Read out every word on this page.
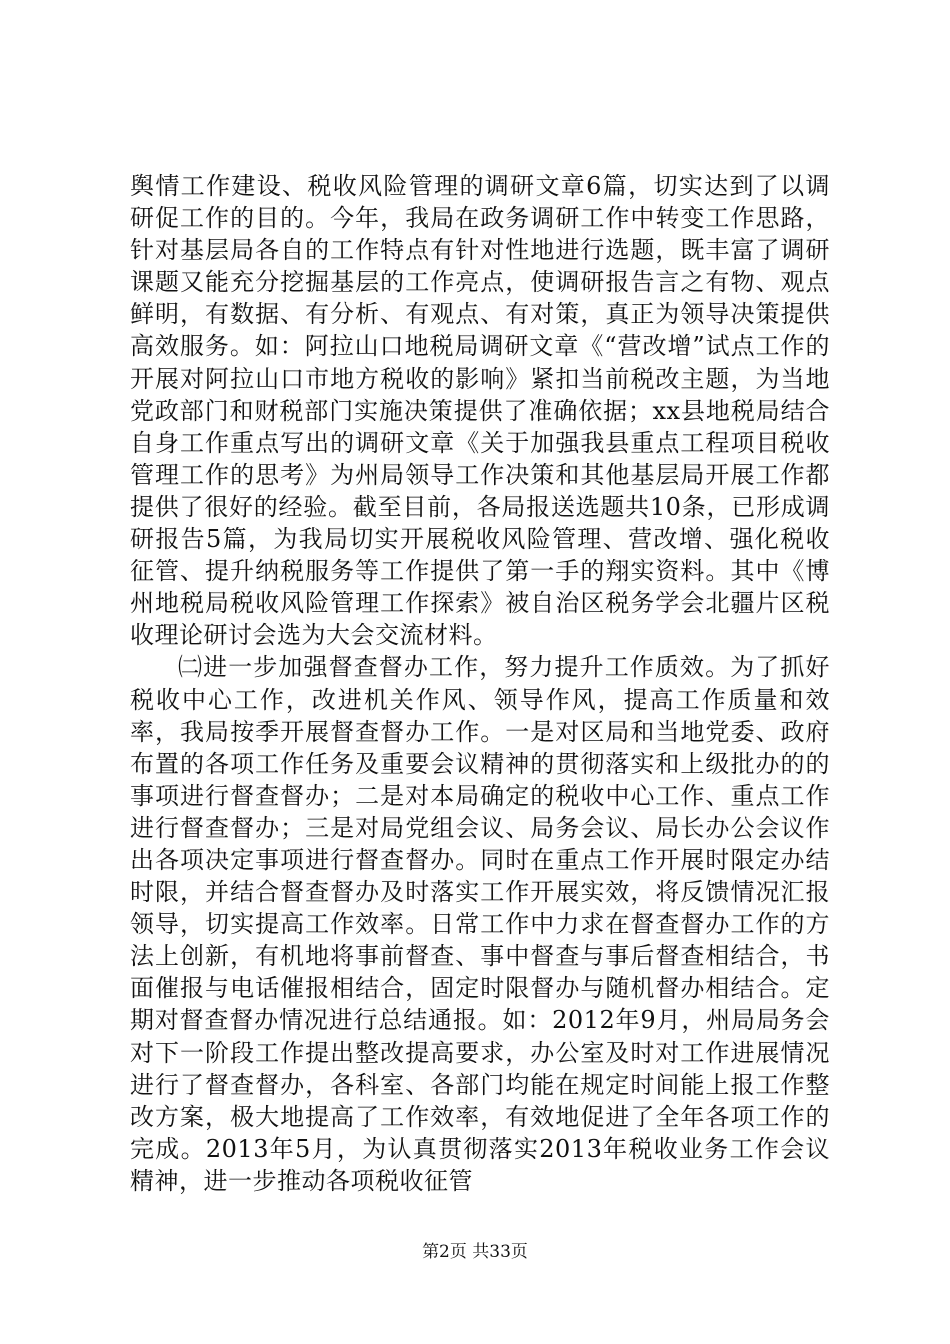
舆情工作建设、税收风险管理的调研文章6篇，切实达到了以调研促工作的目的。今年，我局在政务调研工作中转变工作思路，针对基层局各自的工作特点有针对性地进行选题，既丰富了调研课题又能充分挖掘基层的工作亮点，使调研报告言之有物、观点鲜明，有数据、有分析、有观点、有对策，真正为领导决策提供高效服务。如：阿拉山口地税局调研文章《“营改增”试点工作的开展对阿拉山口市地方税收的影响》紧扣当前税改主题，为当地党政部门和财税部门实施决策提供了准确依据；xx县地税局结合自身工作重点写出的调研文章《关于加强我县重点工程项目税收管理工作的思考》为州局领导工作决策和其他基层局开展工作都提供了很好的经验。截至目前，各局报送选题共10条，已形成调研报告5篇，为我局切实开展税收风险管理、营改增、强化税收征管、提升纳税服务等工作提供了第一手的翔实资料。其中《博州地税局税收风险管理工作探索》被自治区税务学会北疆片区税收理论研讨会选为大会交流材料。

㈡进一步加强督查督办工作，努力提升工作质效。为了抓好税收中心工作，改进机关作风、领导作风，提高工作质量和效率，我局按季开展督查督办工作。一是对区局和当地党委、政府布置的各项工作任务及重要会议精神的贯彻落实和上级批办的的事项进行督查督办；二是对本局确定的税收中心工作、重点工作进行督查督办；三是对局党组会议、局务会议、局长办公会议作出各项决定事项进行督查督办。同时在重点工作开展时限定办结时限，并结合督查督办及时落实工作开展实效，将反馈情况汇报领导，切实提高工作效率。日常工作中力求在督查督办工作的方法上创新，有机地将事前督查、事中督查与事后督查相结合，书面催报与电话催报相结合，固定时限督办与随机督办相结合。定期对督查督办情况进行总结通报。如：2012年9月，州局局务会对下一阶段工作提出整改提高要求，办公室及时对工作进展情况进行了督查督办，各科室、各部门均能在规定时间能上报工作整改方案，极大地提高了工作效率，有效地促进了全年各项工作的完成。2013年5月，为认真贯彻落实2013年税收业务工作会议精神，进一步推动各项税收征管

第2页 共33页
